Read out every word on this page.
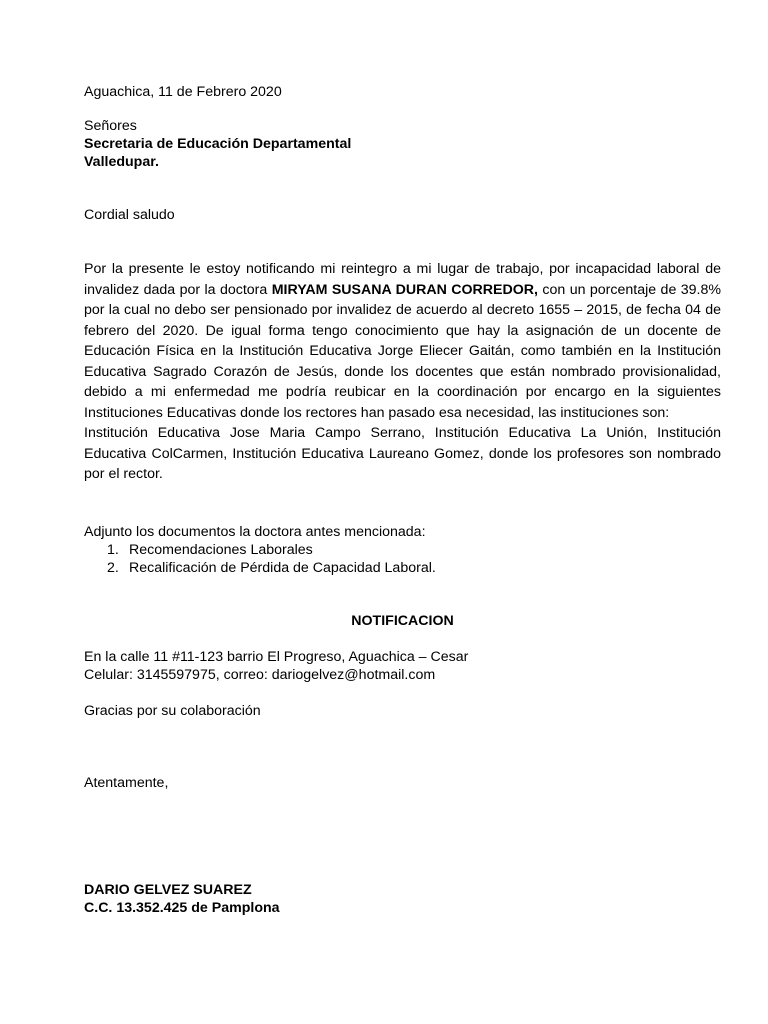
Aguachica, 11 de Febrero 2020
Señores
Secretaria de Educación Departamental
Valledupar.
Cordial saludo
Por la presente le estoy notificando mi reintegro a mi lugar de trabajo, por incapacidad laboral de invalidez dada por la doctora MIRYAM SUSANA DURAN CORREDOR, con un porcentaje de 39.8% por la cual no debo ser pensionado por invalidez de acuerdo al decreto 1655 – 2015, de fecha 04 de febrero del 2020. De igual forma tengo conocimiento que hay la asignación de un docente de Educación Física en la Institución Educativa Jorge Eliecer Gaitán, como también en la Institución Educativa Sagrado Corazón de Jesús, donde los docentes que están nombrado provisionalidad, debido a mi enfermedad me podría reubicar en la coordinación por encargo en la siguientes Instituciones Educativas donde los rectores han pasado esa necesidad, las instituciones son:
Institución Educativa Jose Maria Campo Serrano, Institución Educativa La Unión, Institución Educativa ColCarmen, Institución Educativa Laureano Gomez, donde los profesores son nombrado por el rector.
Adjunto los documentos la doctora antes mencionada:
1. Recomendaciones Laborales
2. Recalificación de Pérdida de Capacidad Laboral.
NOTIFICACION
En la calle 11 #11-123 barrio El Progreso, Aguachica – Cesar
Celular: 3145597975, correo: dariogelvez@hotmail.com
Gracias por su colaboración
Atentamente,
DARIO GELVEZ SUAREZ
C.C. 13.352.425 de Pamplona
